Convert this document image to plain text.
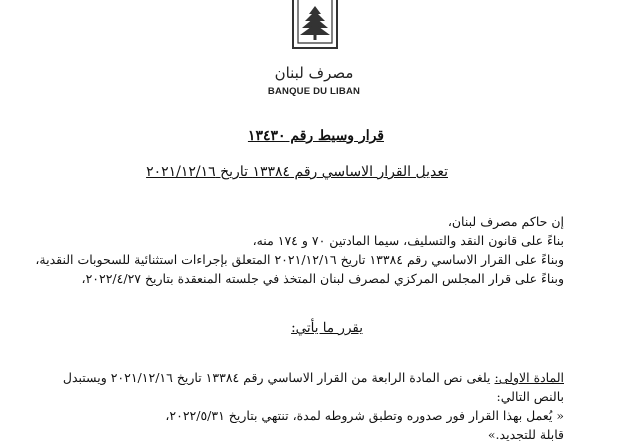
مصرف لبنان
BANQUE DU LIBAN
قرار وسيط رقم ١٣٤٣٠
تعديل القرار الاساسي رقم ١٣٣٨٤ تاريخ ٢٠٢١/١٢/١٦
إن حاكم مصرف لبنان،
بناءً على قانون النقد والتسليف، سيما المادتين ٧٠ و ١٧٤ منه،
وبناءً على القرار الاساسي رقم ١٣٣٨٤ تاريخ ٢٠٢١/١٢/١٦ المتعلق بإجراءات استثنائية للسحوبات النقدية،
وبناءً على قرار المجلس المركزي لمصرف لبنان المتخذ في جلسته المنعقدة بتاريخ ٢٠٢٢/٤/٢٧،
يقرر ما يأتي:
المادة الاولى: يلغى نص المادة الرابعة من القرار الاساسي رقم ١٣٣٨٤ تاريخ ٢٠٢١/١٢/١٦ ويستبدل
بالنص التالي:
« يُعمل بهذا القرار فور صدوره وتطبق شروطه لمدة، تنتهي بتاريخ ٢٠٢٢/٥/٣١،
قابلة للتجديد.»
